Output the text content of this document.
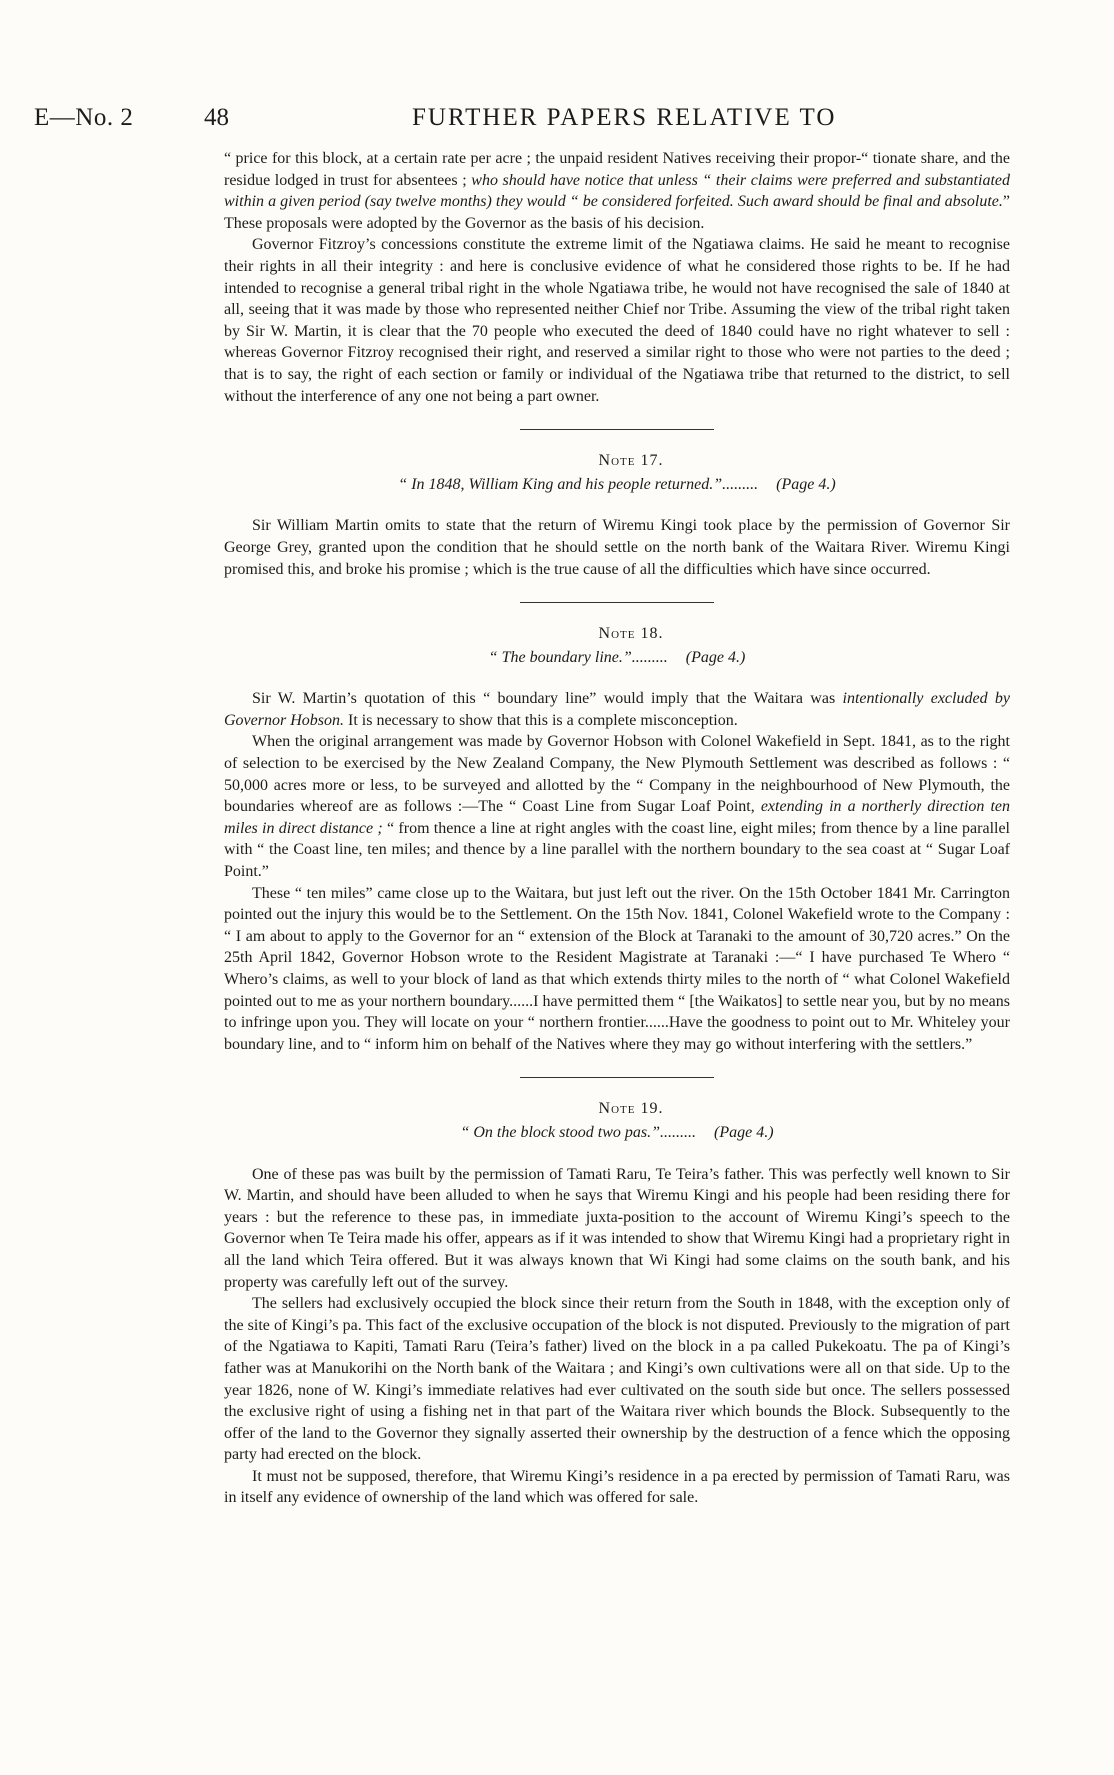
E—No. 2	48	FURTHER PAPERS RELATIVE TO

“ price for this block, at a certain rate per acre ; the unpaid resident Natives receiving their propor-“ tionate share, and the residue lodged in trust for absentees ; who should have notice that unless “ their claims were preferred and substantiated within a given period (say twelve months) they would “ be considered forfeited. Such award should be final and absolute.” These proposals were adopted by the Governor as the basis of his decision.

Governor Fitzroy’s concessions constitute the extreme limit of the Ngatiawa claims. He said he meant to recognise their rights in all their integrity : and here is conclusive evidence of what he considered those rights to be. If he had intended to recognise a general tribal right in the whole Ngatiawa tribe, he would not have recognised the sale of 1840 at all, seeing that it was made by those who represented neither Chief nor Tribe. Assuming the view of the tribal right taken by Sir W. Martin, it is clear that the 70 people who executed the deed of 1840 could have no right whatever to sell : whereas Governor Fitzroy recognised their right, and reserved a similar right to those who were not parties to the deed ; that is to say, the right of each section or family or individual of the Ngatiawa tribe that returned to the district, to sell without the interference of any one not being a part owner.

Note 17.

“ In 1848, William King and his people returned.”......... (Page 4.)

Sir William Martin omits to state that the return of Wiremu Kingi took place by the permission of Governor Sir George Grey, granted upon the condition that he should settle on the north bank of the Waitara River. Wiremu Kingi promised this, and broke his promise ; which is the true cause of all the difficulties which have since occurred.

Note 18.

“ The boundary line.”......... (Page 4.)

Sir W. Martin’s quotation of this “ boundary line” would imply that the Waitara was intentionally excluded by Governor Hobson. It is necessary to show that this is a complete misconception.

When the original arrangement was made by Governor Hobson with Colonel Wakefield in Sept. 1841, as to the right of selection to be exercised by the New Zealand Company, the New Plymouth Settlement was described as follows : “ 50,000 acres more or less, to be surveyed and allotted by the “ Company in the neighbourhood of New Plymouth, the boundaries whereof are as follows :—The “ Coast Line from Sugar Loaf Point, extending in a northerly direction ten miles in direct distance ; “ from thence a line at right angles with the coast line, eight miles; from thence by a line parallel with “ the Coast line, ten miles; and thence by a line parallel with the northern boundary to the sea coast at “ Sugar Loaf Point.”

These “ ten miles” came close up to the Waitara, but just left out the river. On the 15th October 1841 Mr. Carrington pointed out the injury this would be to the Settlement. On the 15th Nov. 1841, Colonel Wakefield wrote to the Company : “ I am about to apply to the Governor for an “ extension of the Block at Taranaki to the amount of 30,720 acres.” On the 25th April 1842, Governor Hobson wrote to the Resident Magistrate at Taranaki :—“ I have purchased Te Whero “ Whero’s claims, as well to your block of land as that which extends thirty miles to the north of “ what Colonel Wakefield pointed out to me as your northern boundary......I have permitted them “ [the Waikatos] to settle near you, but by no means to infringe upon you. They will locate on your “ northern frontier......Have the goodness to point out to Mr. Whiteley your boundary line, and to “ inform him on behalf of the Natives where they may go without interfering with the settlers.”

Note 19.

“ On the block stood two pas.”......... (Page 4.)

One of these pas was built by the permission of Tamati Raru, Te Teira’s father. This was perfectly well known to Sir W. Martin, and should have been alluded to when he says that Wiremu Kingi and his people had been residing there for years : but the reference to these pas, in immediate juxta-position to the account of Wiremu Kingi’s speech to the Governor when Te Teira made his offer, appears as if it was intended to show that Wiremu Kingi had a proprietary right in all the land which Teira offered. But it was always known that Wi Kingi had some claims on the south bank, and his property was carefully left out of the survey.

The sellers had exclusively occupied the block since their return from the South in 1848, with the exception only of the site of Kingi’s pa. This fact of the exclusive occupation of the block is not disputed. Previously to the migration of part of the Ngatiawa to Kapiti, Tamati Raru (Teira’s father) lived on the block in a pa called Pukekoatu. The pa of Kingi’s father was at Manukorihi on the North bank of the Waitara ; and Kingi’s own cultivations were all on that side. Up to the year 1826, none of W. Kingi’s immediate relatives had ever cultivated on the south side but once. The sellers possessed the exclusive right of using a fishing net in that part of the Waitara river which bounds the Block. Subsequently to the offer of the land to the Governor they signally asserted their ownership by the destruction of a fence which the opposing party had erected on the block.

It must not be supposed, therefore, that Wiremu Kingi’s residence in a pa erected by permission of Tamati Raru, was in itself any evidence of ownership of the land which was offered for sale.
